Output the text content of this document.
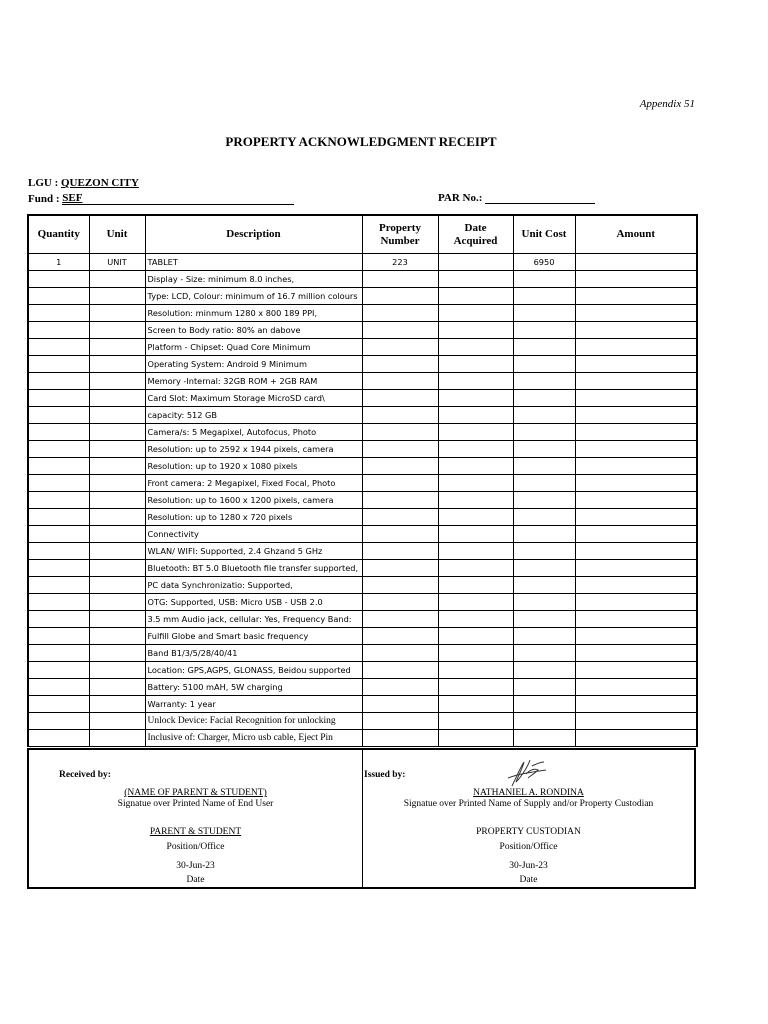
Appendix 51
PROPERTY ACKNOWLEDGMENT RECEIPT
LGU : QUEZON CITY
Fund : SEF	PAR No.:
Quantity	Unit	Description	Property Number	Date Acquired	Unit Cost	Amount
1	UNIT	TABLET	223		6950	
		Display - Size: minimum 8.0 inches,				
		Type: LCD, Colour: minimum of 16.7 million colours				
		Resolution: minmum 1280 x 800 189 PPI,				
		Screen to Body ratio: 80% an dabove				
		Platform - Chipset: Quad Core Minimum				
		Operating System: Android 9 Minimum				
		Memory -Internal: 32GB ROM + 2GB RAM				
		Card Slot: Maximum Storage MicroSD card\				
		capacity: 512 GB				
		Camera/s: 5 Megapixel, Autofocus, Photo				
		Resolution: up to 2592 x 1944 pixels, camera				
		Resolution: up to 1920 x 1080 pixels				
		Front camera: 2 Megapixel, Fixed Focal, Photo				
		Resolution: up to 1600 x 1200 pixels, camera				
		Resolution: up to 1280 x 720 pixels				
		Connectivity				
		WLAN/ WIFI: Supported, 2.4 Ghzand 5 GHz				
		Bluetooth: BT 5.0 Bluetooth file transfer supported,				
		PC data Synchronizatio: Supported,				
		OTG: Supported, USB: Micro USB - USB 2.0				
		3.5 mm Audio jack, cellular: Yes, Frequency Band:				
		Fulfill Globe and Smart basic frequency				
		Band B1/3/5/28/40/41				
		Location: GPS,AGPS, GLONASS, Beidou supported				
		Battery: 5100 mAH, 5W charging				
		Warranty: 1 year				
		Unlock Device: Facial Recognition for unlocking				
		Inclusive of: Charger, Micro usb cable, Eject Pin				
Received by:
(NAME OF PARENT & STUDENT)
Signatue over Printed Name of End User
PARENT & STUDENT
Position/Office
30-Jun-23
Date
Issued by:
NATHANIEL A. RONDINA
Signatue over Printed Name of Supply and/or Property Custodian
PROPERTY CUSTODIAN
Position/Office
30-Jun-23
Date
